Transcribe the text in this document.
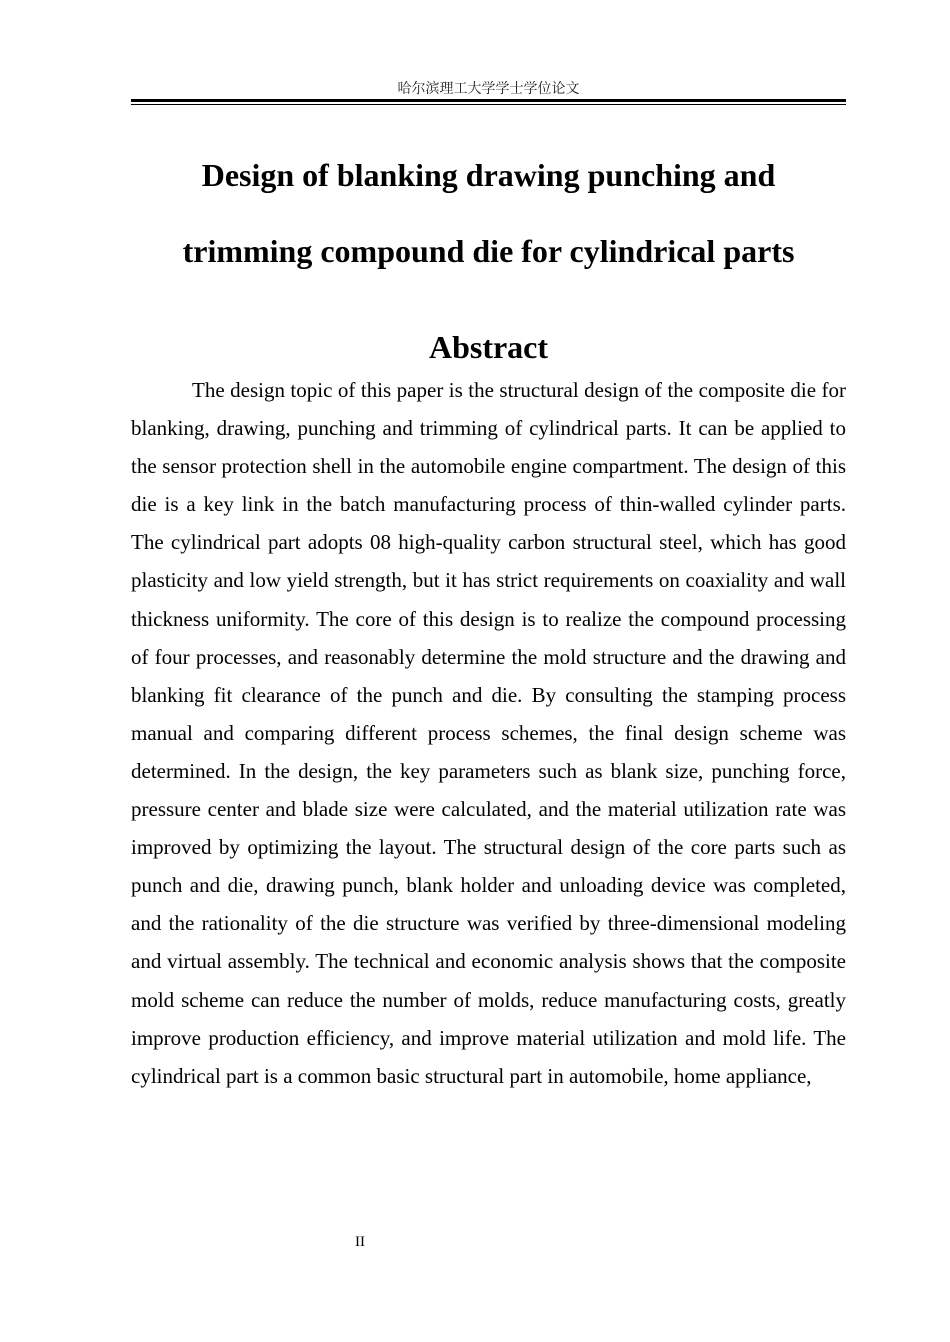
哈尔滨理工大学学士学位论文
Design of blanking drawing punching and
trimming compound die for cylindrical parts
Abstract

The design topic of this paper is the structural design of the composite die for blanking, drawing, punching and trimming of cylindrical parts. It can be applied to the sensor protection shell in the automobile engine compartment. The design of this die is a key link in the batch manufacturing process of thin-walled cylinder parts. The cylindrical part adopts 08 high-quality carbon structural steel, which has good plasticity and low yield strength, but it has strict requirements on coaxiality and wall thickness uniformity. The core of this design is to realize the compound processing of four processes, and reasonably determine the mold structure and the drawing and blanking fit clearance of the punch and die. By consulting the stamping process manual and comparing different process schemes, the final design scheme was determined. In the design, the key parameters such as blank size, punching force, pressure center and blade size were calculated, and the material utilization rate was improved by optimizing the layout. The structural design of the core parts such as punch and die, drawing punch, blank holder and unloading device was completed, and the rationality of the die structure was verified by three-dimensional modeling and virtual assembly. The technical and economic analysis shows that the composite mold scheme can reduce the number of molds, reduce manufacturing costs, greatly improve production efficiency, and improve material utilization and mold life. The cylindrical part is a common basic structural part in automobile, home appliance,

II
